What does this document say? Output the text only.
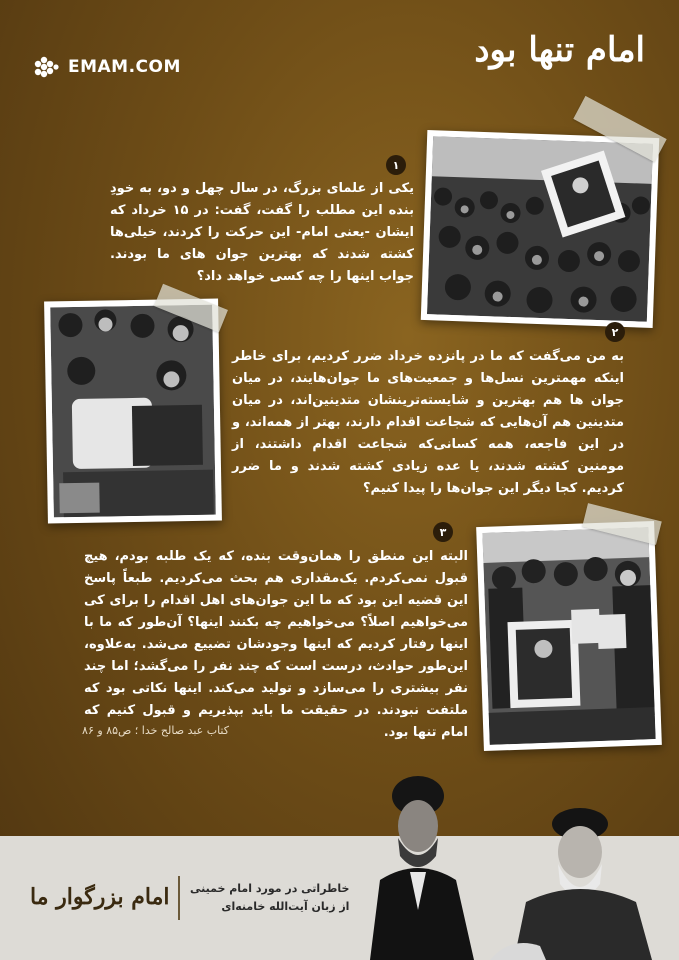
EMAM.COM	امام تنها بود
۱
یکی از علمای بزرگ، در سال چهل و دو، به خودِ بنده این مطلب را گفت، گفت: در ۱۵ خرداد که ایشان -یعنی امام- این حرکت را کردند، خیلی‌ها کشته شدند که بهترین جوان های ما بودند. جواب اینها را چه کسی خواهد داد؟
۲
به من می‌گفت که ما در پانزده خرداد ضرر کردیم، برای خاطر اینکه مهمترین نسل‌ها و جمعیت‌های ما جوان‌هایند، در میان جوان ها هم بهترین و شایسته‌ترینشان متدینین‌اند، در میان متدینین هم آن‌هایی که شجاعت اقدام دارند، بهتر از همه‌اند، و در این فاجعه، همه کسانی‌که شجاعت اقدام داشتند، از مومنین کشته شدند، یا عده زیادی کشته شدند و ما ضرر کردیم. کجا دیگر این جوان‌ها را پیدا کنیم؟
۳
البته این منطق را همان‌وقت بنده، که یک طلبه بودم، هیچ قبول نمی‌کردم. یک‌مقداری هم بحث می‌کردیم. طبعاً پاسخ این قضیه این بود که ما این جوان‌های اهل اقدام را برای کی می‌خواهیم اصلاً؟ می‌خواهیم چه بکنند اینها؟ آن‌طور که ما با اینها رفتار کردیم که اینها وجودشان تضییع می‌شد. به‌علاوه، این‌طور حوادث، درست است که چند نفر را می‌گشد؛ اما چند نفر بیشتری را می‌سازد و تولید می‌کند. اینها نکاتی بود که ملتفت نبودند. در حقیقت ما باید بپذیریم و قبول کنیم که امام تنها بود.
کتاب عبد صالح خدا ؛ ص۸۵ و ۸۶
امام بزرگوار ما خاطراتی در مورد امام خمینی
از زبان آیت‌الله خامنه‌ای
